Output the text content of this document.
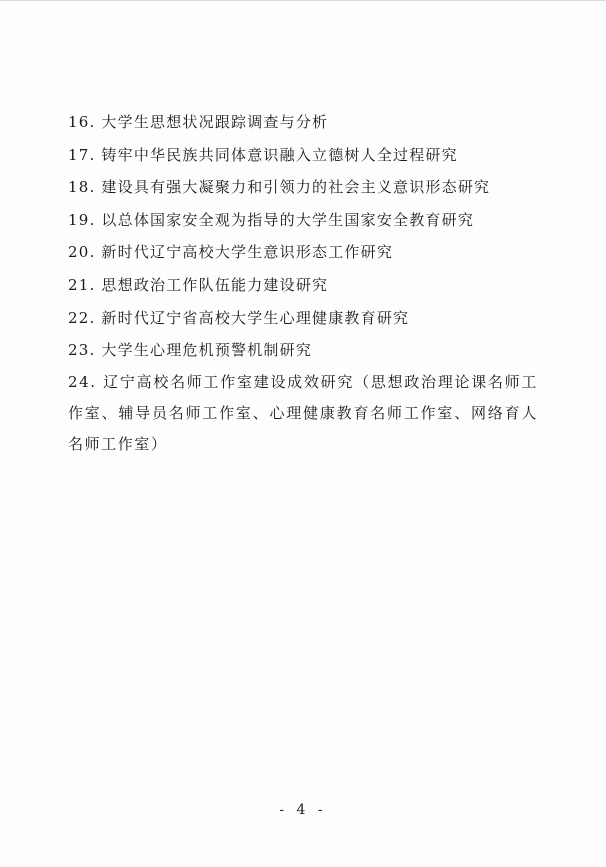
16. 大学生思想状况跟踪调查与分析
17. 铸牢中华民族共同体意识融入立德树人全过程研究
18. 建设具有强大凝聚力和引领力的社会主义意识形态研究
19. 以总体国家安全观为指导的大学生国家安全教育研究
20. 新时代辽宁高校大学生意识形态工作研究
21. 思想政治工作队伍能力建设研究
22. 新时代辽宁省高校大学生心理健康教育研究
23. 大学生心理危机预警机制研究
24. 辽宁高校名师工作室建设成效研究（思想政治理论课名师工作室、辅导员名师工作室、心理健康教育名师工作室、网络育人名师工作室）
- 4 -
